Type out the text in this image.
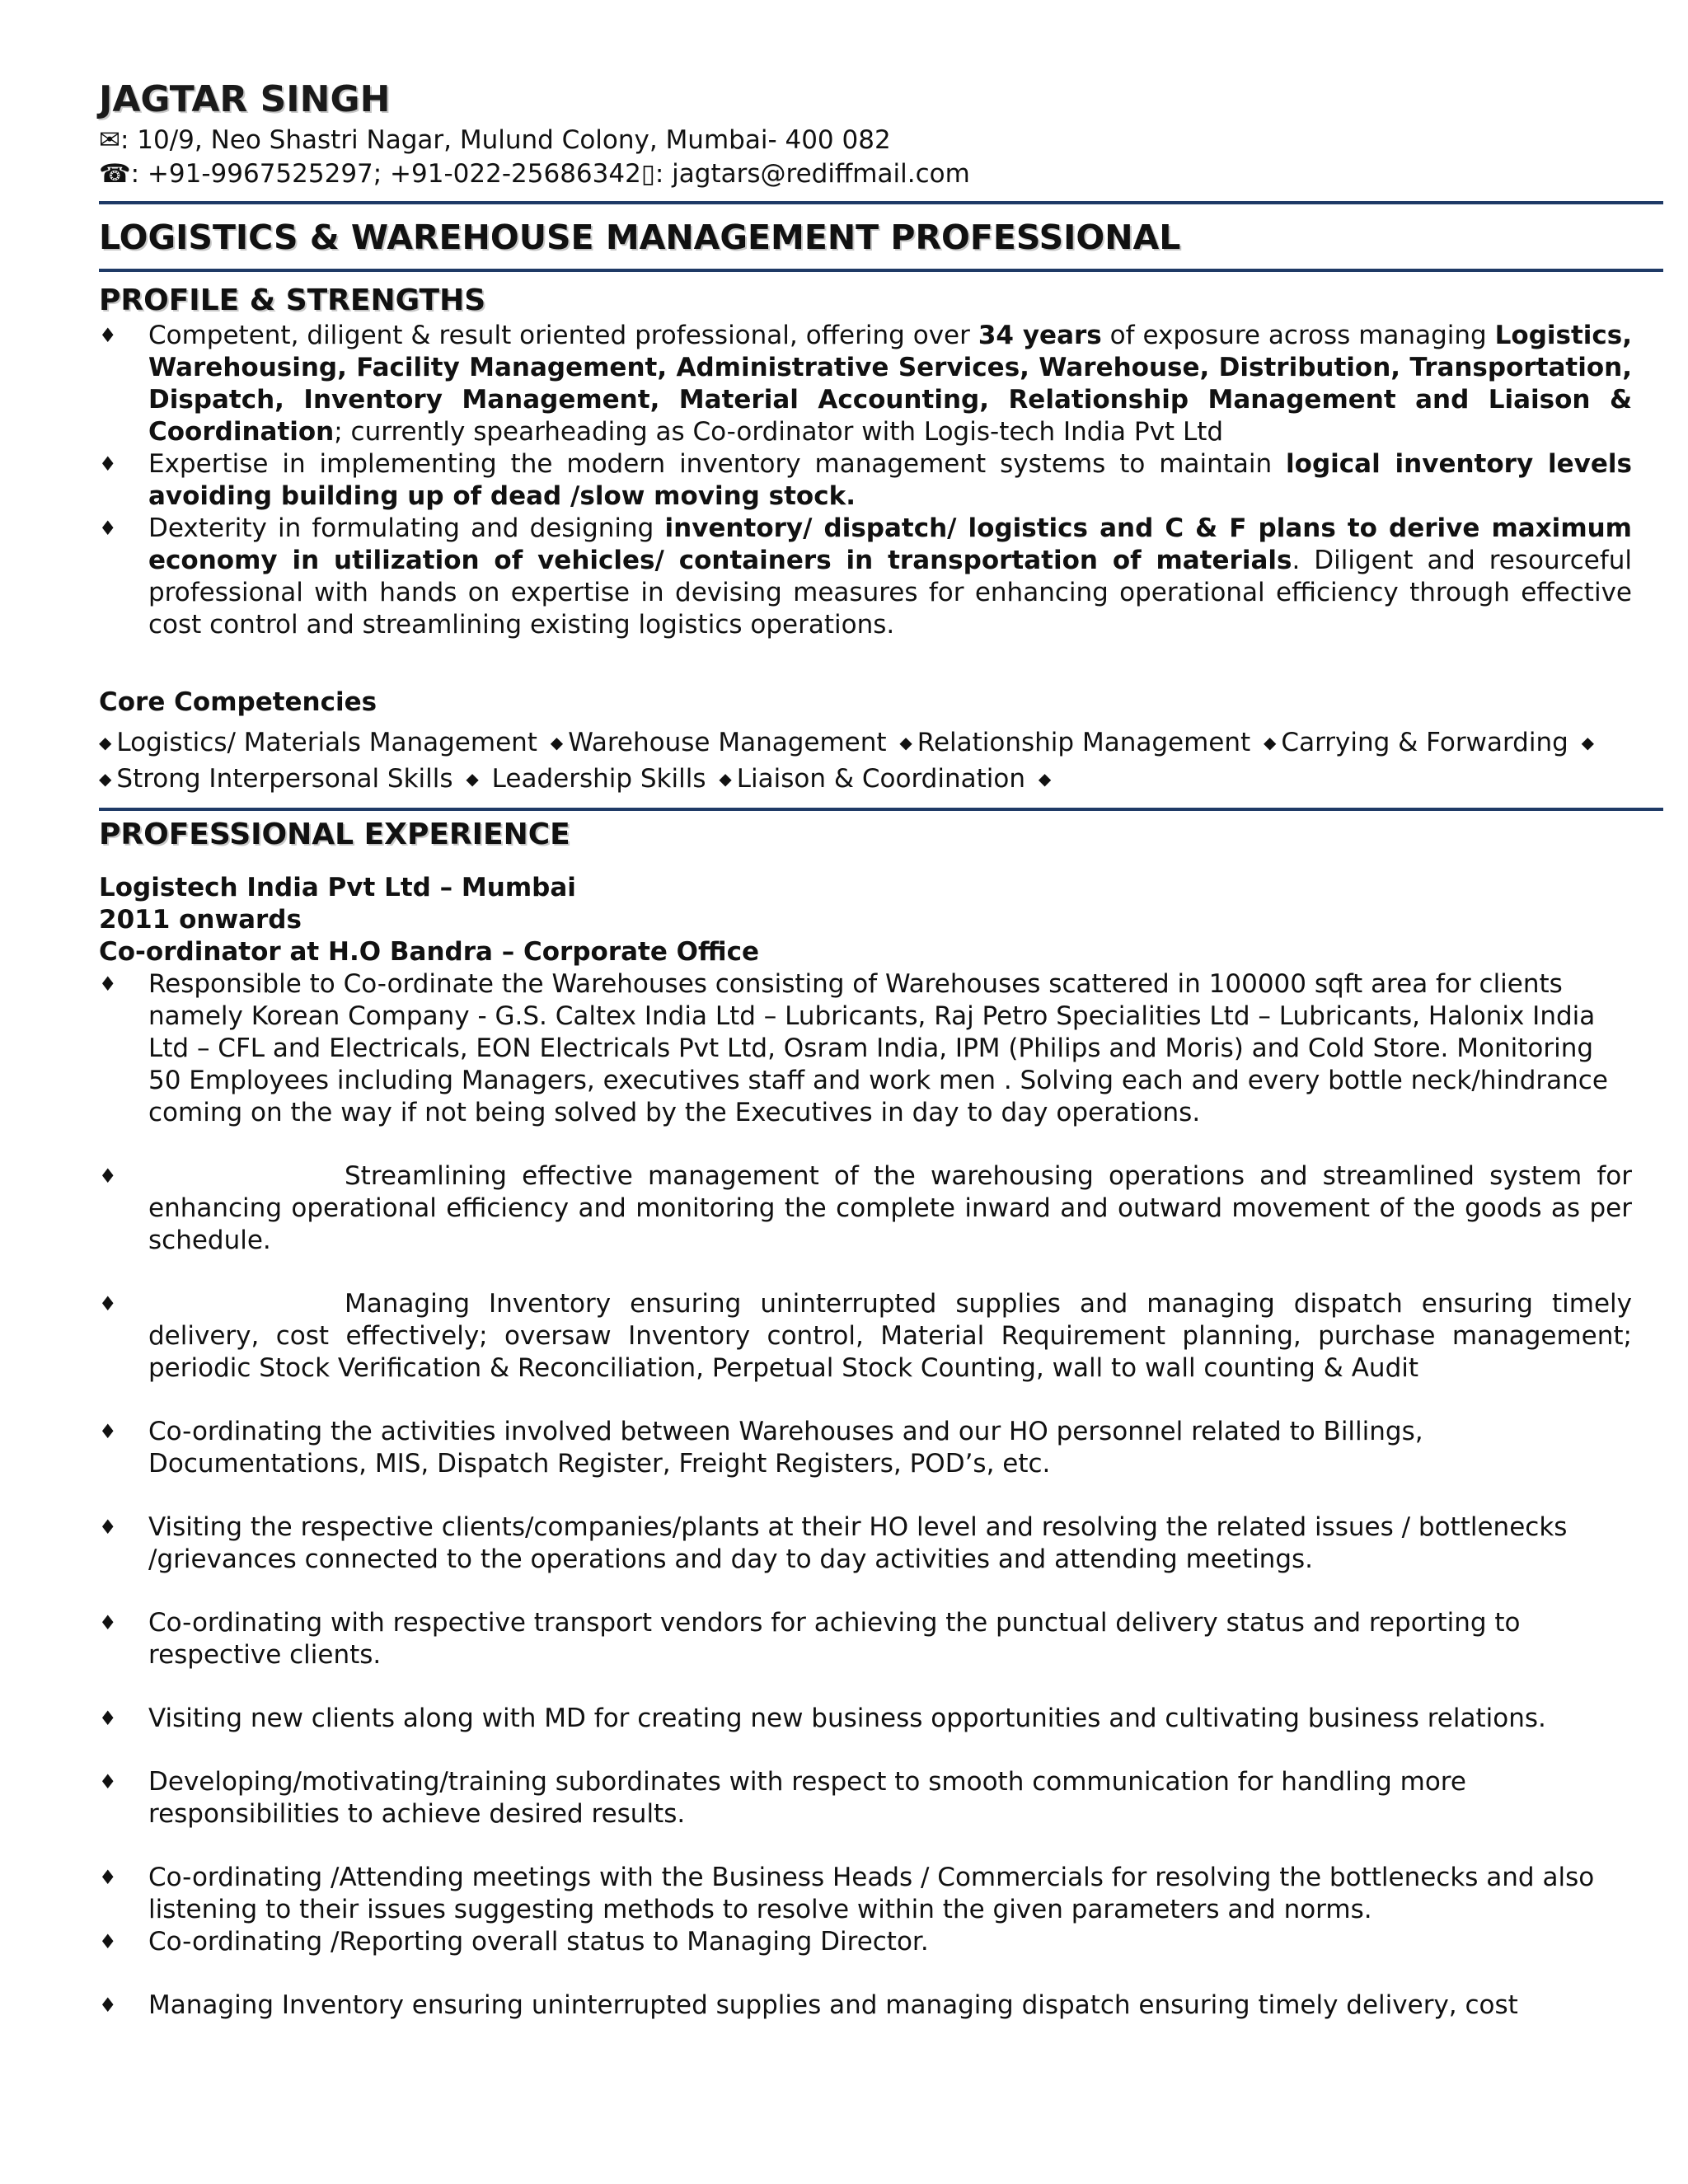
JAGTAR SINGH
✉: 10/9, Neo Shastri Nagar, Mulund Colony, Mumbai- 400 082
☎: +91-9967525297; +91-022-25686342▯: jagtars@rediffmail.com
LOGISTICS & WAREHOUSE MANAGEMENT PROFESSIONAL
PROFILE & STRENGTHS
♦ Competent, diligent & result oriented professional, offering over 34 years of exposure across managing Logistics, Warehousing, Facility Management, Administrative Services, Warehouse, Distribution, Transportation, Dispatch, Inventory Management, Material Accounting, Relationship Management and Liaison & Coordination; currently spearheading as Co-ordinator with Logis-tech India Pvt Ltd
♦ Expertise in implementing the modern inventory management systems to maintain logical inventory levels avoiding building up of dead /slow moving stock.
♦ Dexterity in formulating and designing inventory/ dispatch/ logistics and C & F plans to derive maximum economy in utilization of vehicles/ containers in transportation of materials. Diligent and resourceful professional with hands on expertise in devising measures for enhancing operational efficiency through effective cost control and streamlining existing logistics operations.
Core Competencies
◆ Logistics/ Materials Management ◆ Warehouse Management ◆ Relationship Management ◆ Carrying & Forwarding ◆
◆ Strong Interpersonal Skills ◆ Leadership Skills ◆ Liaison & Coordination ◆
PROFESSIONAL EXPERIENCE
Logistech India Pvt Ltd – Mumbai
2011 onwards
Co-ordinator at H.O Bandra – Corporate Office
♦ Responsible to Co-ordinate the Warehouses consisting of Warehouses scattered in 100000 sqft area for clients namely Korean Company - G.S. Caltex India Ltd – Lubricants, Raj Petro Specialities Ltd – Lubricants, Halonix India Ltd – CFL and Electricals, EON Electricals Pvt Ltd, Osram India, IPM (Philips and Moris) and Cold Store. Monitoring 50 Employees including Managers, executives staff and work men . Solving each and every bottle neck/hindrance coming on the way if not being solved by the Executives in day to day operations.
♦	Streamlining effective management of the warehousing operations and streamlined system for enhancing operational efficiency and monitoring the complete inward and outward movement of the goods as per schedule.
♦	Managing Inventory ensuring uninterrupted supplies and managing dispatch ensuring timely delivery, cost effectively; oversaw Inventory control, Material Requirement planning, purchase management; periodic Stock Verification & Reconciliation, Perpetual Stock Counting, wall to wall counting & Audit
♦ Co-ordinating the activities involved between Warehouses and our HO personnel related to Billings, Documentations, MIS, Dispatch Register, Freight Registers, POD’s, etc.
♦ Visiting the respective clients/companies/plants at their HO level and resolving the related issues / bottlenecks /grievances connected to the operations and day to day activities and attending meetings.
♦ Co-ordinating with respective transport vendors for achieving the punctual delivery status and reporting to respective clients.
♦ Visiting new clients along with MD for creating new business opportunities and cultivating business relations.
♦ Developing/motivating/training subordinates with respect to smooth communication for handling more responsibilities to achieve desired results.
♦ Co-ordinating /Attending meetings with the Business Heads / Commercials for resolving the bottlenecks and also listening to their issues suggesting methods to resolve within the given parameters and norms.
♦ Co-ordinating /Reporting overall status to Managing Director.
♦ Managing Inventory ensuring uninterrupted supplies and managing dispatch ensuring timely delivery, cost
